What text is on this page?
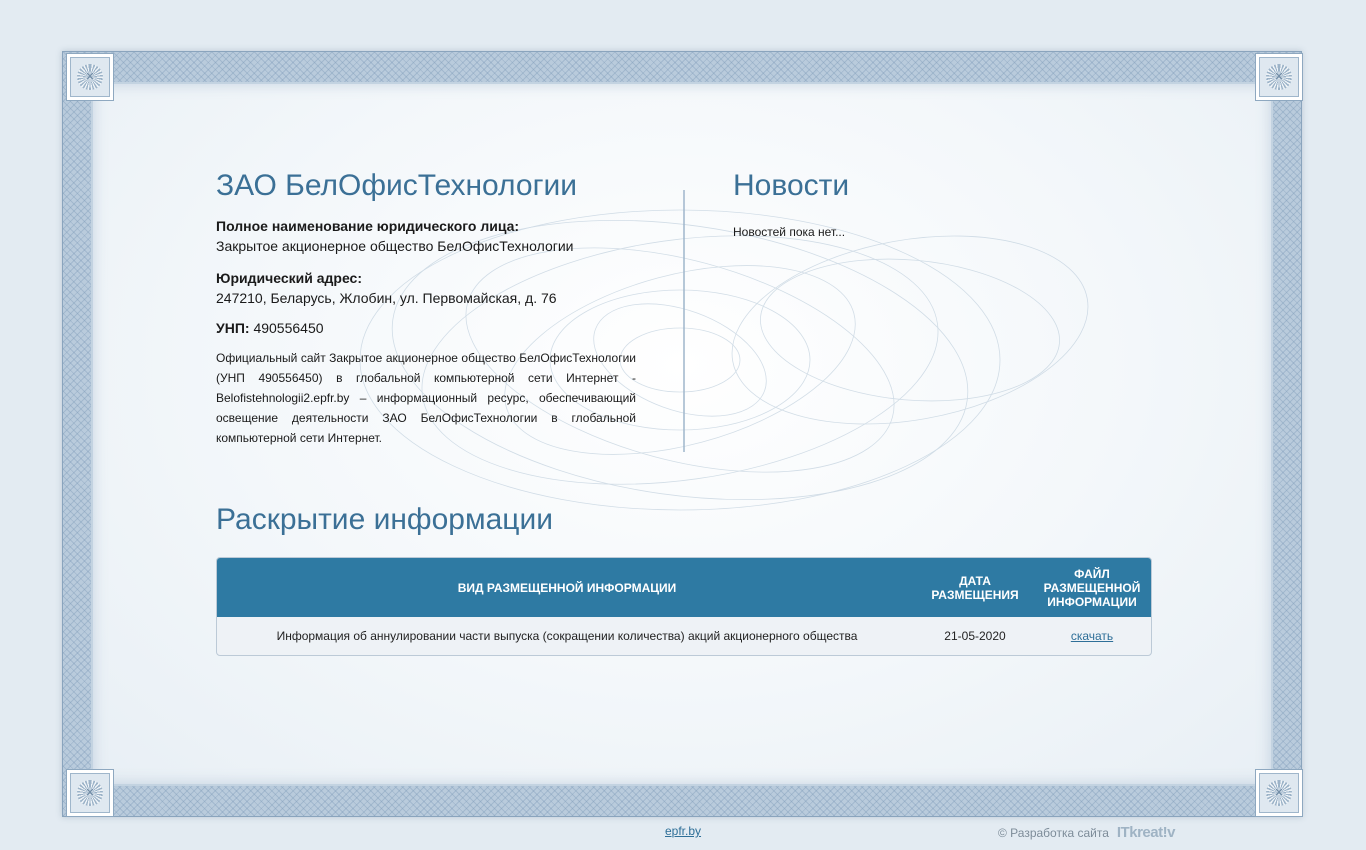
✕	✕
✕	✕
ЗАО БелОфисТехнологии
Полное наименование юридического лица:
Закрытое акционерное общество БелОфисТехнологии
Юридический адрес:
247210, Беларусь, Жлобин, ул. Первомайская, д. 76
УНП: 490556450
Официальный сайт Закрытое акционерное общество БелОфисТехнологии (УНП 490556450) в глобальной компьютерной сети Интернет - Belofistehnologii2.epfr.by – информационный ресурс, обеспечивающий освещение деятельности ЗАО БелОфисТехнологии в глобальной компьютерной сети Интернет.
Новости
Новостей пока нет...
Раскрытие информации
ВИД РАЗМЕЩЕННОЙ ИНФОРМАЦИИ	ДАТА РАЗМЕЩЕНИЯ	ФАЙЛ РАЗМЕЩЕННОЙ ИНФОРМАЦИИ
Информация об аннулировании части выпуска (сокращении количества) акций акционерного общества	21-05-2020	скачать
epfr.by	© Разработка сайта ITkreat!v
